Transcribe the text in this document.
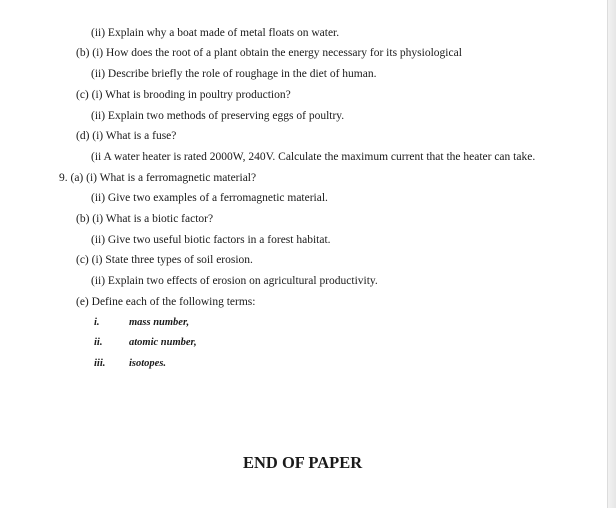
(ii) Explain why a boat made of metal floats on water.
(b) (i) How does the root of a plant obtain the energy necessary for its physiological
(ii) Describe briefly the role of roughage in the diet of human.
(c) (i) What is brooding in poultry production?
(ii) Explain two methods of preserving eggs of poultry.
(d) (i) What is a fuse?
(ii A water heater is rated 2000W, 240V. Calculate the maximum current that the heater can take.
9. (a) (i) What is a ferromagnetic material?
(ii) Give two examples of a ferromagnetic material.
(b) (i) What is a biotic factor?
(ii) Give two useful biotic factors in a forest habitat.
(c) (i) State three types of soil erosion.
(ii) Explain two effects of erosion on agricultural productivity.
(e) Define each of the following terms:
i.	mass number,
ii.	atomic number,
iii. isotopes.
END OF PAPER
